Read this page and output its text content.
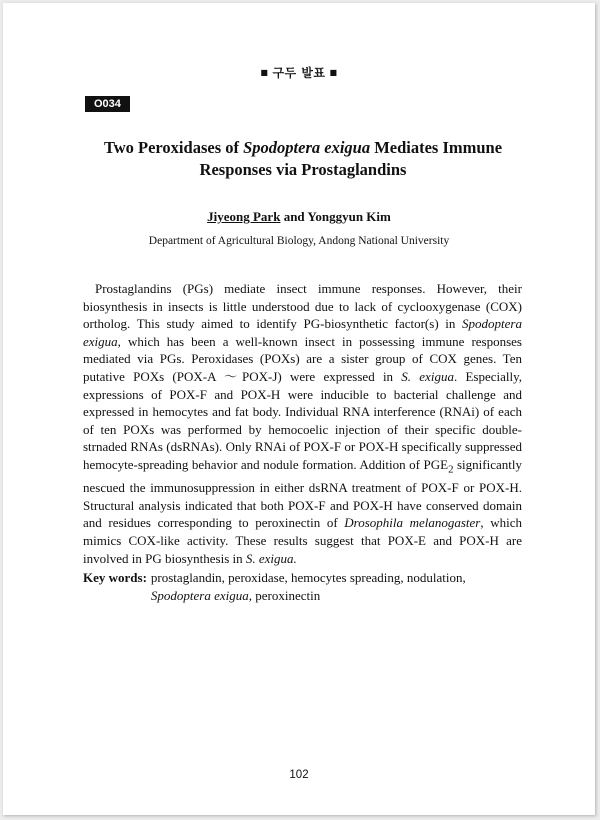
■ 구두 발표 ■
O034
Two Peroxidases of Spodoptera exigua Mediates Immune
Responses via Prostaglandins
Jiyeong Park and Yonggyun Kim
Department of Agricultural Biology, Andong National University

Prostaglandins (PGs) mediate insect immune responses. However, their biosynthesis in insects is little understood due to lack of cyclooxygenase (COX) ortholog. This study aimed to identify PG-biosynthetic factor(s) in Spodoptera exigua, which has been a well-known insect in possessing immune responses mediated via PGs. Peroxidases (POXs) are a sister group of COX genes. Ten putative POXs (POX-A ～POX-J) were expressed in S. exigua. Especially, expressions of POX-F and POX-H were inducible to bacterial challenge and expressed in hemocytes and fat body. Individual RNA interference (RNAi) of each of ten POXs was performed by hemocoelic injection of their specific double-strnaded RNAs (dsRNAs). Only RNAi of POX-F or POX-H specifically suppressed hemocyte-spreading behavior and nodule formation. Addition of $PGE_2$ significantly nescued the immunosuppression in either dsRNA treatment of POX-F or POX-H. Structural analysis indicated that both POX-F and POX-H have conserved domain and residues corresponding to peroxinectin of Drosophila melanogaster, which mimics COX-like activity. These results suggest that POX-E and POX-H are involved in PG biosynthesis in S. exigua.

Key words: prostaglandin, peroxidase, hemocytes spreading, nodulation, Spodoptera exigua, peroxinectin
102
